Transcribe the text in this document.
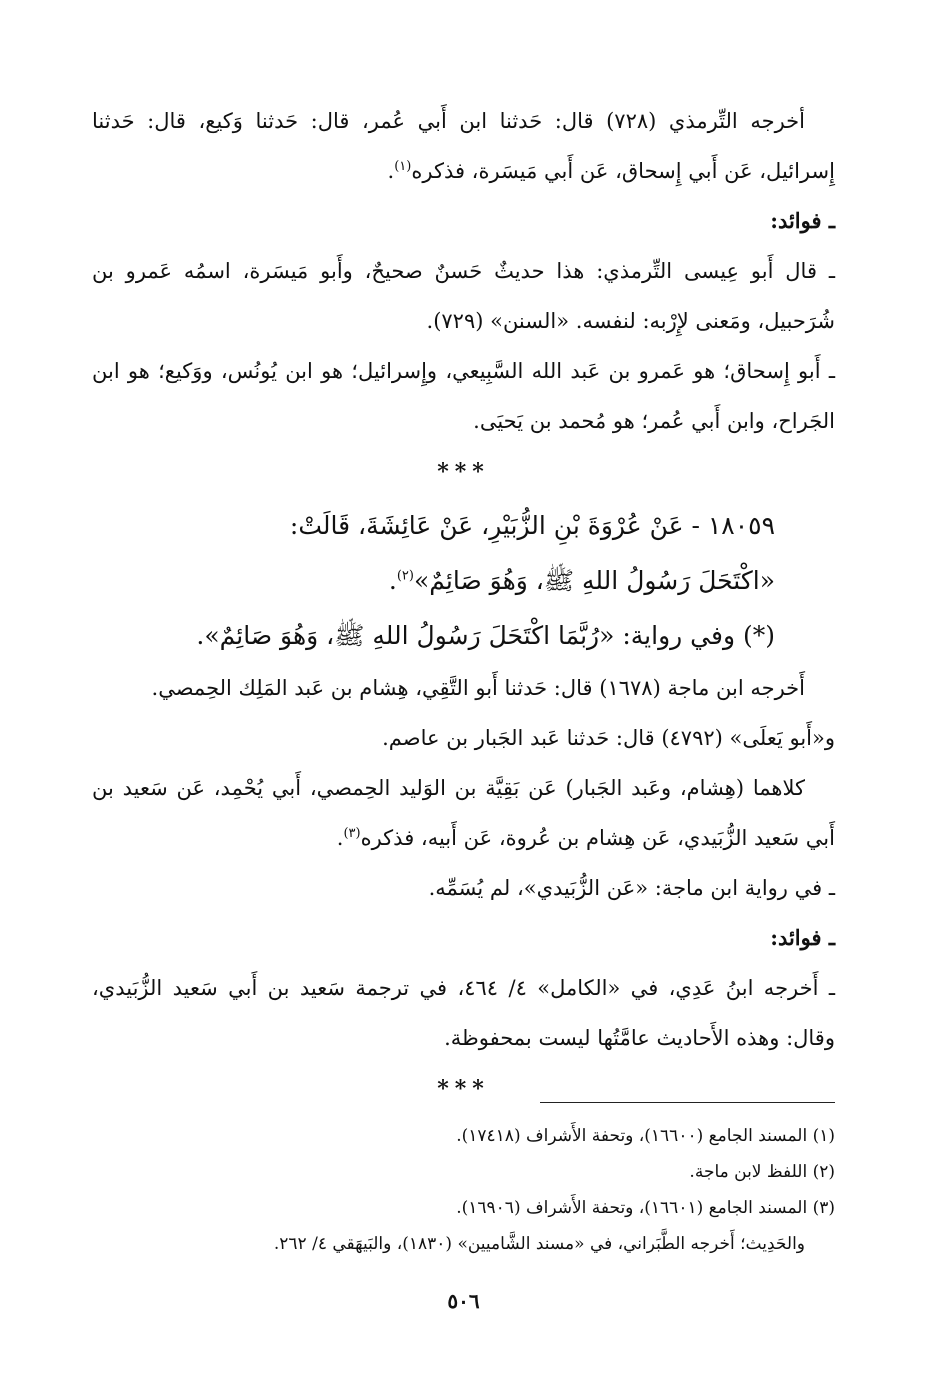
أخرجه التِّرمذي (٧٢٨) قال: حَدثنا ابن أَبي عُمر، قال: حَدثنا وَكيع، قال: حَدثنا إِسرائيل، عَن أَبي إِسحاق، عَن أَبي مَيسَرة، فذكره$^{(١)}$.

ـ فوائد:

ـ قال أَبو عِيسى التِّرمذي: هذا حديثٌ حَسنٌ صحيحٌ، وأَبو مَيسَرة، اسمُه عَمرو بن شُرَحبيل، ومَعنى لإِرْبه: لنفسه. «السنن» (٧٢٩).

ـ أَبو إِسحاق؛ هو عَمرو بن عَبد الله السَّبِيعي، وإِسرائيل؛ هو ابن يُونُس، ووَكيع؛ هو ابن الجَراح، وابن أَبي عُمر؛ هو مُحمد بن يَحيَى.

***

١٨٠٥٩ - عَنْ عُرْوَةَ بْنِ الزُّبَيْرِ، عَنْ عَائِشَةَ، قَالَتْ:

«اكْتَحَلَ رَسُولُ اللهِ ﷺ، وَهُوَ صَائِمٌ»$^{(٢)}$.

(*) وفي رواية: «رُبَّمَا اكْتَحَلَ رَسُولُ اللهِ ﷺ، وَهُوَ صَائِمٌ».

أَخرجه ابن ماجة (١٦٧٨) قال: حَدثنا أَبو التَّقِي، هِشام بن عَبد المَلِك الحِمصي.

و«أَبو يَعلَى» (٤٧٩٢) قال: حَدثنا عَبد الجَبار بن عاصم.

كلاهما (هِشام، وعَبد الجَبار) عَن بَقِيَّة بن الوَليد الحِمصي، أَبي يُحْمِد، عَن سَعيد بن أَبي سَعيد الزُّبَيدي، عَن هِشام بن عُروة، عَن أَبيه، فذكره$^{(٣)}$.

ـ في رواية ابن ماجة: «عَن الزُّبَيدي»، لم يُسَمِّه.

ـ فوائد:

ـ أَخرجه ابنُ عَدِي، في «الكامل» ٤/ ٤٦٤، في ترجمة سَعيد بن أَبي سَعيد الزُّبَيدي، وقال: وهذه الأَحاديث عامَّتُها ليست بمحفوظة.

***

(١) المسند الجامع (١٦٦٠٠)، وتحفة الأَشراف (١٧٤١٨).

(٢) اللفظ لابن ماجة.

(٣) المسند الجامع (١٦٦٠١)، وتحفة الأَشراف (١٦٩٠٦).

والحَدِيث؛ أَخرجه الطَّبَراني، في «مسند الشَّاميين» (١٨٣٠)، والبَيهَقي ٤/ ٢٦٢.

٥٠٦
